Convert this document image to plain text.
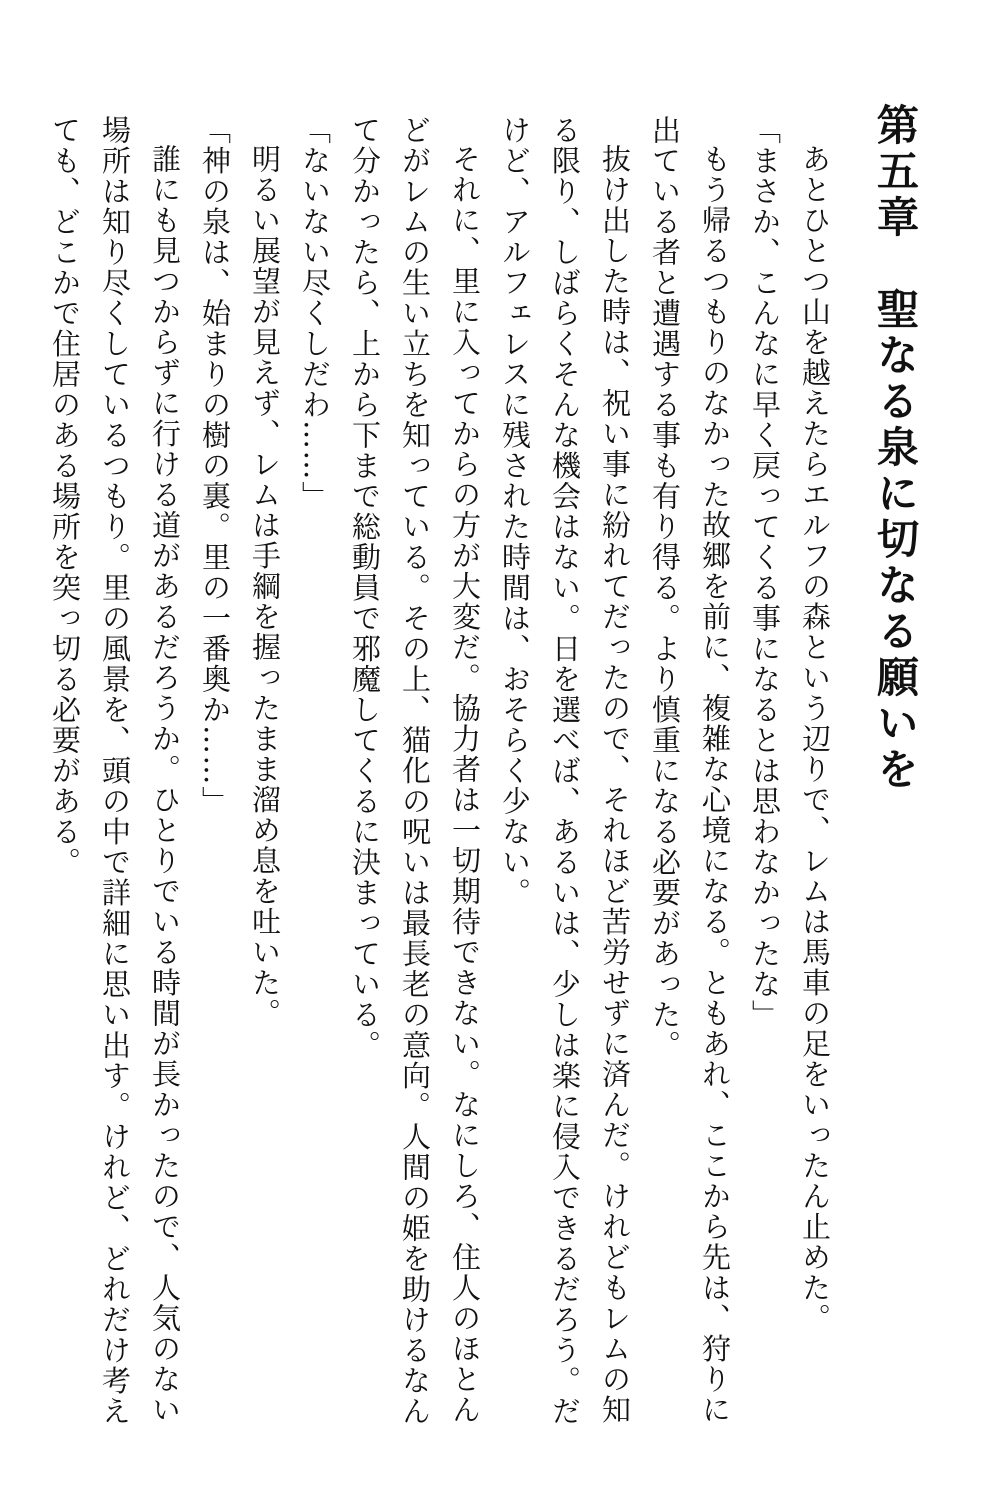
第五章　聖なる泉に切なる願いを

あとひとつ山を越えたらエルフの森という辺りで、レムは馬車の足をいったん止めた。

「まさか、こんなに早く戻ってくる事になるとは思わなかったな」

もう帰るつもりのなかった故郷を前に、複雑な心境になる。ともあれ、ここから先は、狩りに出ている者と遭遇する事も有り得る。より慎重になる必要があった。

抜け出した時は、祝い事に紛れてだったので、それほど苦労せずに済んだ。けれどもレムの知る限り、しばらくそんな機会はない。日を選べば、あるいは、少しは楽に侵入できるだろう。だけど、アルフェレスに残された時間は、おそらく少ない。

それに、里に入ってからの方が大変だ。協力者は一切期待できない。なにしろ、住人のほとんどがレムの生い立ちを知っている。その上、猫化の呪いは最長老の意向。人間の姫を助けるなんて分かったら、上から下まで総動員で邪魔してくるに決まっている。

「ないない尽くしだわ……」

明るい展望が見えず、レムは手綱を握ったまま溜め息を吐いた。

「神の泉は、始まりの樹の裏。里の一番奥か……」

誰にも見つからずに行ける道があるだろうか。ひとりでいる時間が長かったので、人気のない場所は知り尽くしているつもり。里の風景を、頭の中で詳細に思い出す。けれど、どれだけ考えても、どこかで住居のある場所を突っ切る必要がある。
